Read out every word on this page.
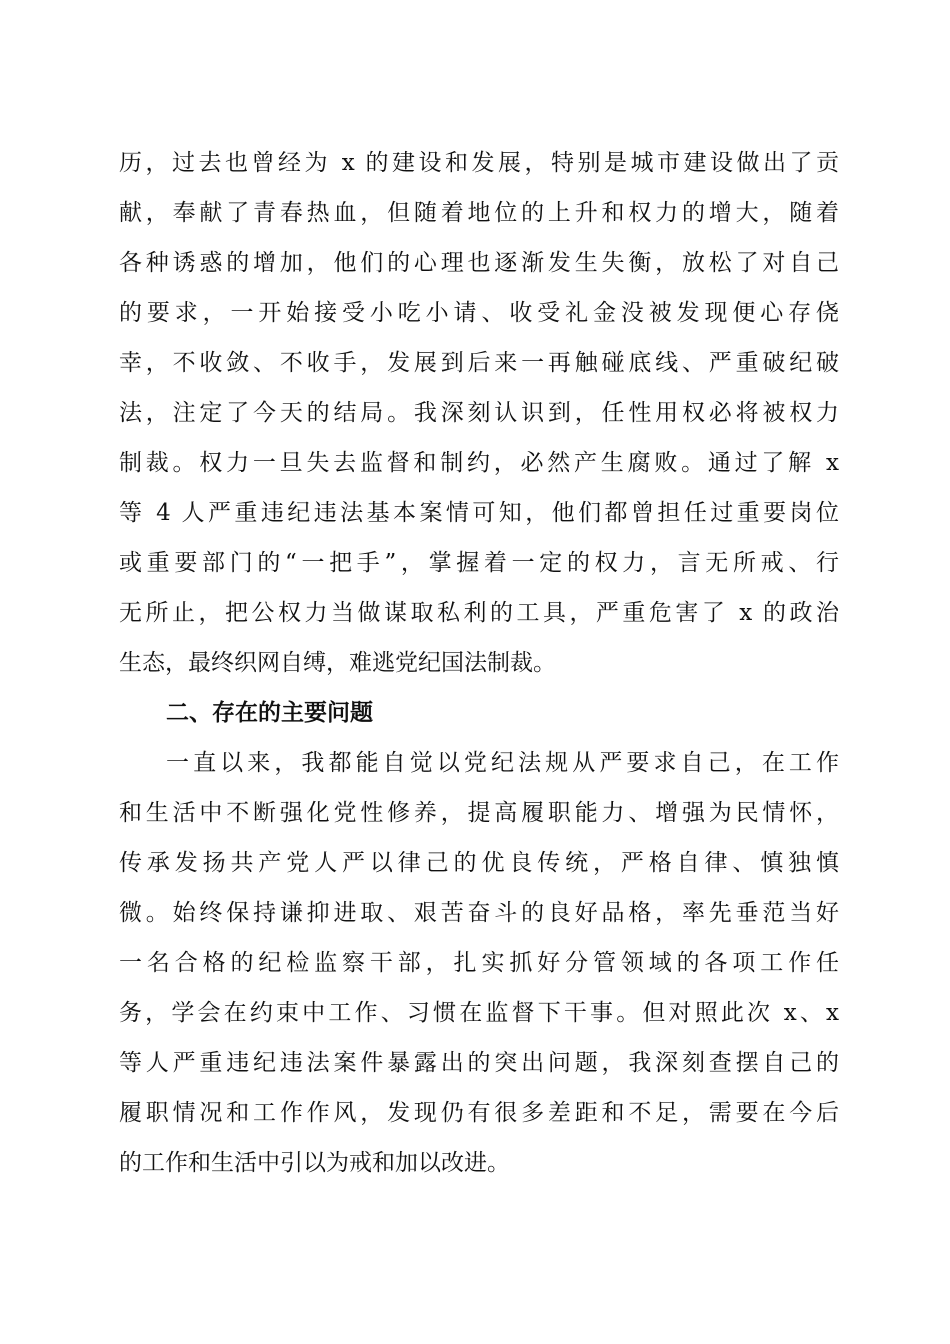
历，过去也曾经为 x 的建设和发展，特别是城市建设做出了贡
献，奉献了青春热血，但随着地位的上升和权力的增大，随着
各种诱惑的增加，他们的心理也逐渐发生失衡，放松了对自己
的要求，一开始接受小吃小请、收受礼金没被发现便心存侥
幸，不收敛、不收手，发展到后来一再触碰底线、严重破纪破
法，注定了今天的结局。我深刻认识到，任性用权必将被权力
制裁。权力一旦失去监督和制约，必然产生腐败。通过了解 x
等 4 人严重违纪违法基本案情可知，他们都曾担任过重要岗位
或重要部门的“一把手”，掌握着一定的权力，言无所戒、行
无所止，把公权力当做谋取私利的工具，严重危害了 x 的政治
生态，最终织网自缚，难逃党纪国法制裁。
二、存在的主要问题
一直以来，我都能自觉以党纪法规从严要求自己，在工作
和生活中不断强化党性修养，提高履职能力、增强为民情怀，
传承发扬共产党人严以律己的优良传统，严格自律、慎独慎
微。始终保持谦抑进取、艰苦奋斗的良好品格，率先垂范当好
一名合格的纪检监察干部，扎实抓好分管领域的各项工作任
务，学会在约束中工作、习惯在监督下干事。但对照此次 x、x
等人严重违纪违法案件暴露出的突出问题，我深刻查摆自己的
履职情况和工作作风，发现仍有很多差距和不足，需要在今后
的工作和生活中引以为戒和加以改进。
